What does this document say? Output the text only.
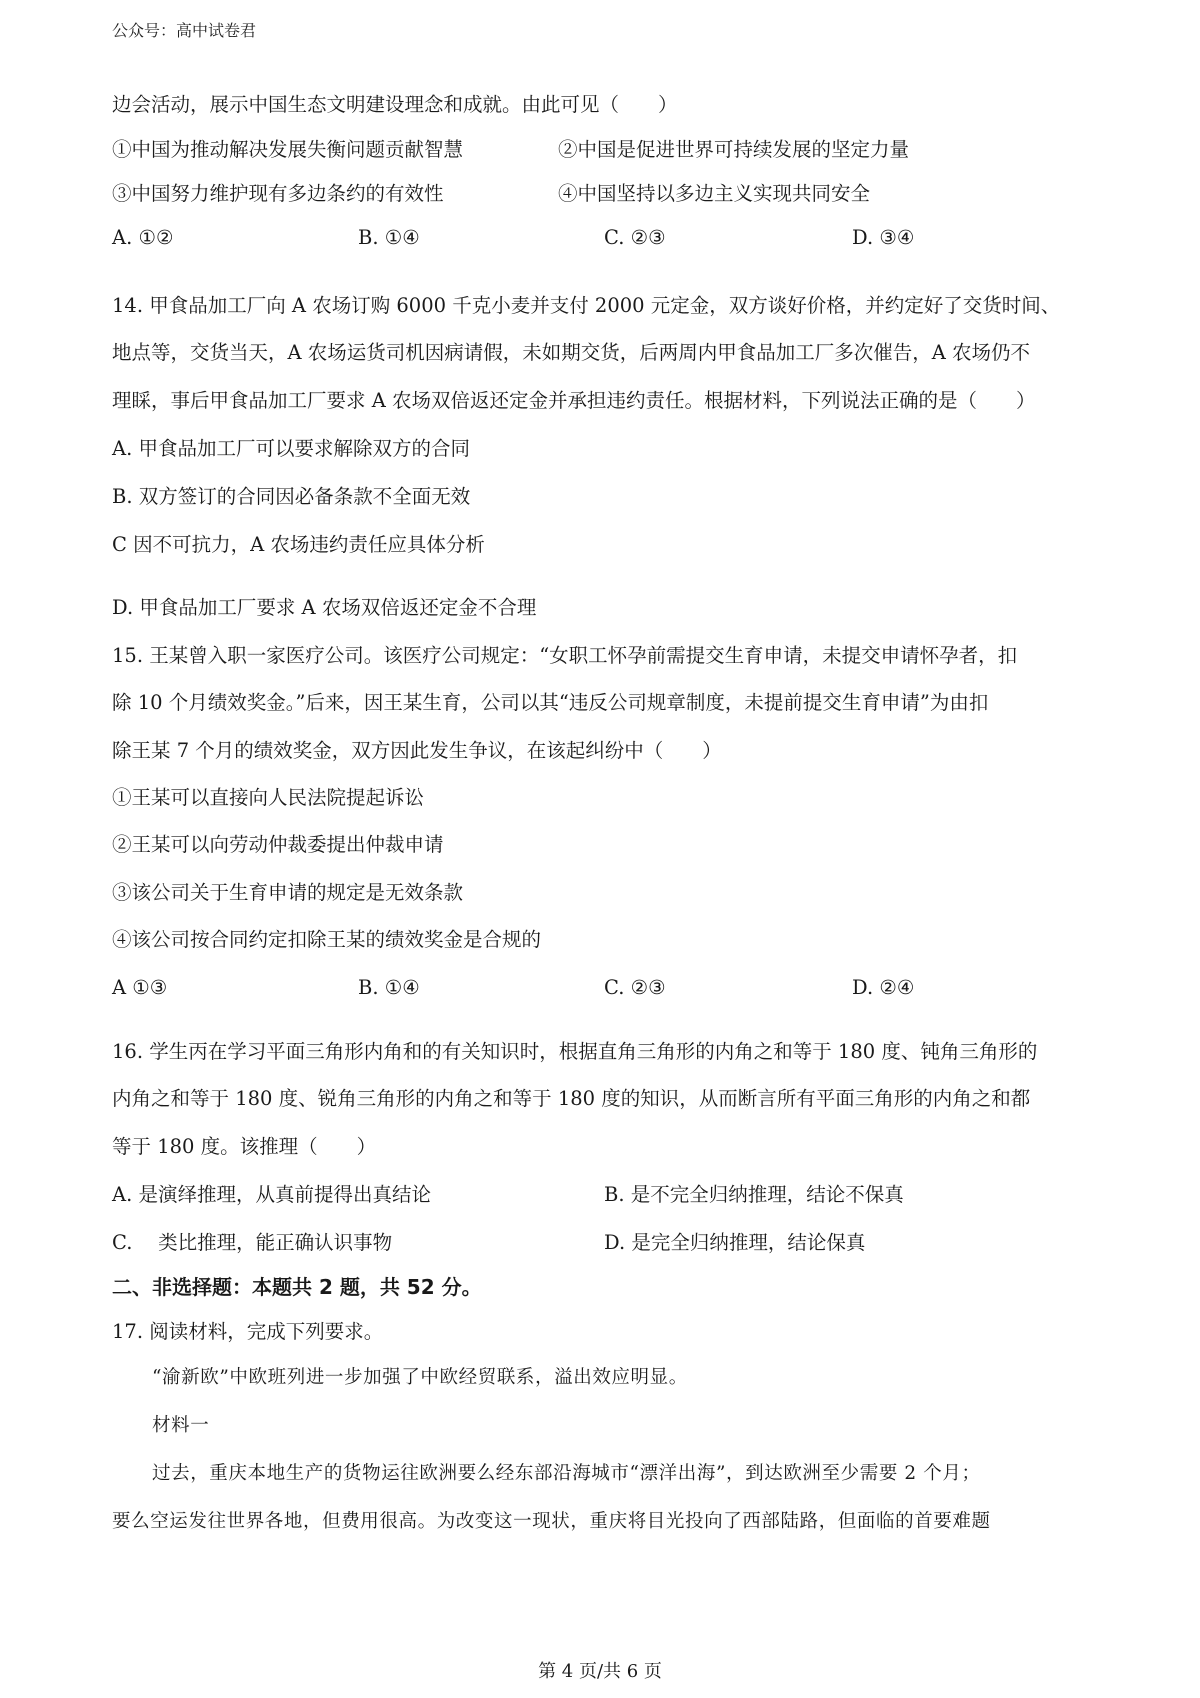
公众号：高中试卷君
边会活动，展示中国生态文明建设理念和成就。由此可见（　　）
①中国为推动解决发展失衡问题贡献智慧	②中国是促进世界可持续发展的坚定力量
③中国努力维护现有多边条约的有效性	④中国坚持以多边主义实现共同安全
A. ①②	B. ①④	C. ②③	D. ③④
14. 甲食品加工厂向 A 农场订购 6000 千克小麦并支付 2000 元定金，双方谈好价格，并约定好了交货时间、
地点等，交货当天，A 农场运货司机因病请假，未如期交货，后两周内甲食品加工厂多次催告，A 农场仍不
理睬，事后甲食品加工厂要求 A 农场双倍返还定金并承担违约责任。根据材料，下列说法正确的是（　　）
A. 甲食品加工厂可以要求解除双方的合同
B. 双方签订的合同因必备条款不全面无效
C 因不可抗力，A 农场违约责任应具体分析
D. 甲食品加工厂要求 A 农场双倍返还定金不合理
15. 王某曾入职一家医疗公司。该医疗公司规定：“女职工怀孕前需提交生育申请，未提交申请怀孕者，扣
除 10 个月绩效奖金。”后来，因王某生育，公司以其“违反公司规章制度，未提前提交生育申请”为由扣
除王某 7 个月的绩效奖金，双方因此发生争议，在该起纠纷中（　　）
①王某可以直接向人民法院提起诉讼
②王某可以向劳动仲裁委提出仲裁申请
③该公司关于生育申请的规定是无效条款
④该公司按合同约定扣除王某的绩效奖金是合规的
A ①③	B. ①④	C. ②③	D. ②④
16. 学生丙在学习平面三角形内角和的有关知识时，根据直角三角形的内角之和等于 180 度、钝角三角形的
内角之和等于 180 度、锐角三角形的内角之和等于 180 度的知识，从而断言所有平面三角形的内角之和都
等于 180 度。该推理（　　）
A. 是演绎推理，从真前提得出真结论	B. 是不完全归纳推理，结论不保真
C.　 类比推理，能正确认识事物	D. 是完全归纳推理，结论保真
二、非选择题：本题共 2 题，共 52 分。
17. 阅读材料，完成下列要求。
“渝新欧”中欧班列进一步加强了中欧经贸联系，溢出效应明显。
材料一
过去，重庆本地生产的货物运往欧洲要么经东部沿海城市“漂洋出海”，到达欧洲至少需要 2 个月；
要么空运发往世界各地，但费用很高。为改变这一现状，重庆将目光投向了西部陆路，但面临的首要难题
第 4 页/共 6 页
